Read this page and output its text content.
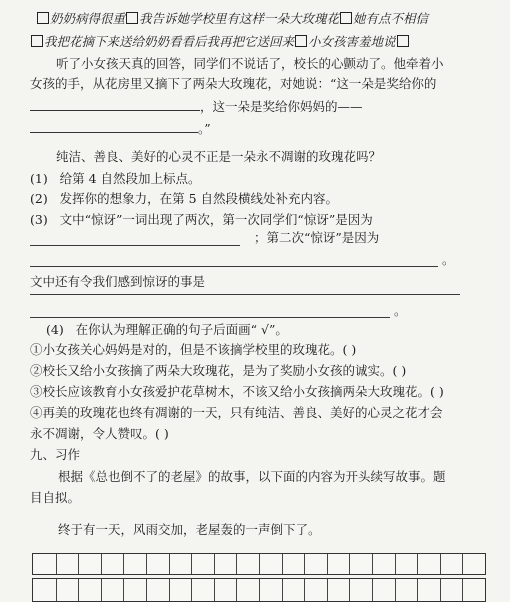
奶奶病得很重 我告诉她学校里有这样一朵大玫瑰花 她有点不相信
我把花摘下来送给奶奶看看后我再把它送回来 小女孩害羞地说
听了小女孩天真的回答，同学们不说话了，校长的心颤动了。他牵着小
女孩的手，从花房里又摘下了两朵大玫瑰花，对她说：“这一朵是奖给你的
，这一朵是奖给你妈妈的——
。”
纯洁、善良、美好的心灵不正是一朵永不凋谢的玫瑰花吗？
(1) 给第 4 自然段加上标点。
(2) 发挥你的想象力，在第 5 自然段横线处补充内容。
(3) 文中“惊讶”一词出现了两次，第一次同学们“惊讶”是因为
；第二次“惊讶”是因为
。
文中还有令我们感到惊讶的事是
。
(4) 在你认为理解正确的句子后面画“ √”。
①小女孩关心妈妈是对的，但是不该摘学校里的玫瑰花。( )
②校长又给小女孩摘了两朵大玫瑰花，是为了奖励小女孩的诚实。( )
③校长应该教育小女孩爱护花草树木，不该又给小女孩摘两朵大玫瑰花。( )
④再美的玫瑰花也终有凋谢的一天，只有纯洁、善良、美好的心灵之花才会
永不凋谢，令人赞叹。( )
九、习作
根据《总也倒不了的老屋》的故事，以下面的内容为开头续写故事。题
目自拟。
终于有一天，风雨交加，老屋轰的一声倒下了。
